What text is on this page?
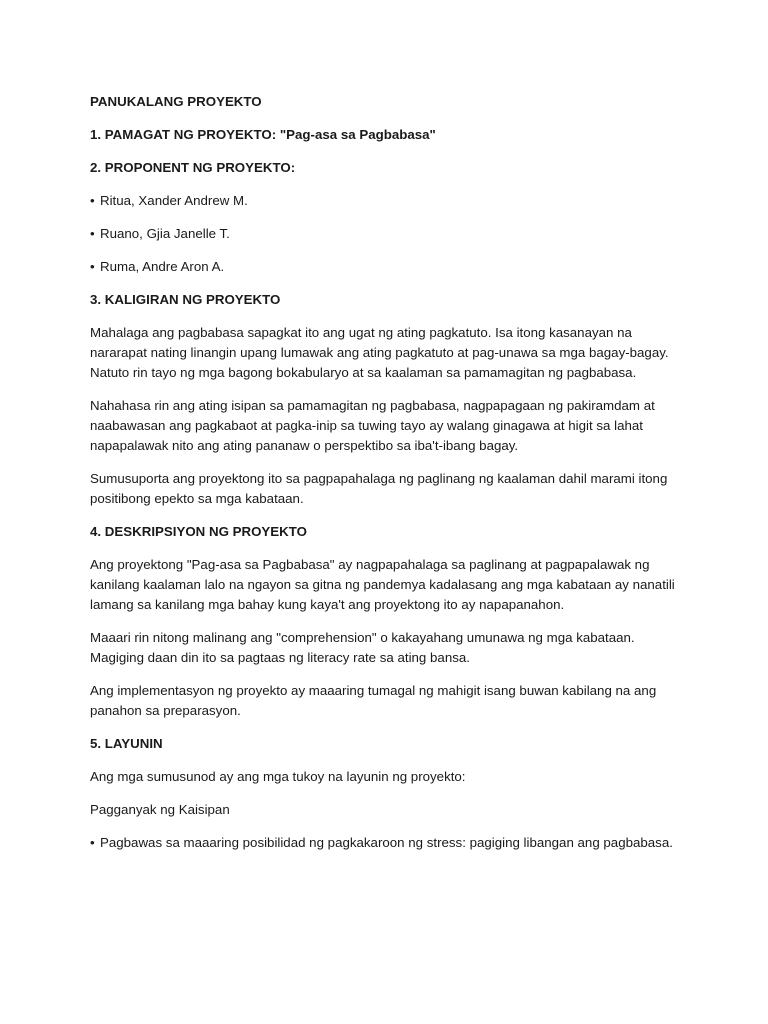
PANUKALANG PROYEKTO

1. PAMAGAT NG PROYEKTO: "Pag-asa sa Pagbabasa"

2. PROPONENT NG PROYEKTO:

• Ritua, Xander Andrew M.

• Ruano, Gjia Janelle T.

• Ruma, Andre Aron A.

3. KALIGIRAN NG PROYEKTO

Mahalaga ang pagbabasa sapagkat ito ang ugat ng ating pagkatuto. Isa itong kasanayan na nararapat nating linangin upang lumawak ang ating pagkatuto at pag-unawa sa mga bagay-bagay. Natuto rin tayo ng mga bagong bokabularyo at sa kaalaman sa pamamagitan ng pagbabasa.

Nahahasa rin ang ating isipan sa pamamagitan ng pagbabasa, nagpapagaan ng pakiramdam at naabawasan ang pagkabaot at pagka-inip sa tuwing tayo ay walang ginagawa at higit sa lahat napapalawak nito ang ating pananaw o perspektibo sa iba't-ibang bagay.

Sumusuporta ang proyektong ito sa pagpapahalaga ng paglinang ng kaalaman dahil marami itong positibong epekto sa mga kabataan.

4. DESKRIPSIYON NG PROYEKTO

Ang proyektong "Pag-asa sa Pagbabasa" ay nagpapahalaga sa paglinang at pagpapalawak ng kanilang kaalaman lalo na ngayon sa gitna ng pandemya kadalasang ang mga kabataan ay nanatili lamang sa kanilang mga bahay kung kaya't ang proyektong ito ay napapanahon.

Maaari rin nitong malinang ang "comprehension" o kakayahang umunawa ng mga kabataan. Magiging daan din ito sa pagtaas ng literacy rate sa ating bansa.

Ang implementasyon ng proyekto ay maaaring tumagal ng mahigit isang buwan kabilang na ang panahon sa preparasyon.

5. LAYUNIN

Ang mga sumusunod ay ang mga tukoy na layunin ng proyekto:

Pagganyak ng Kaisipan

• Pagbawas sa maaaring posibilidad ng pagkakaroon ng stress: pagiging libangan ang pagbabasa.
